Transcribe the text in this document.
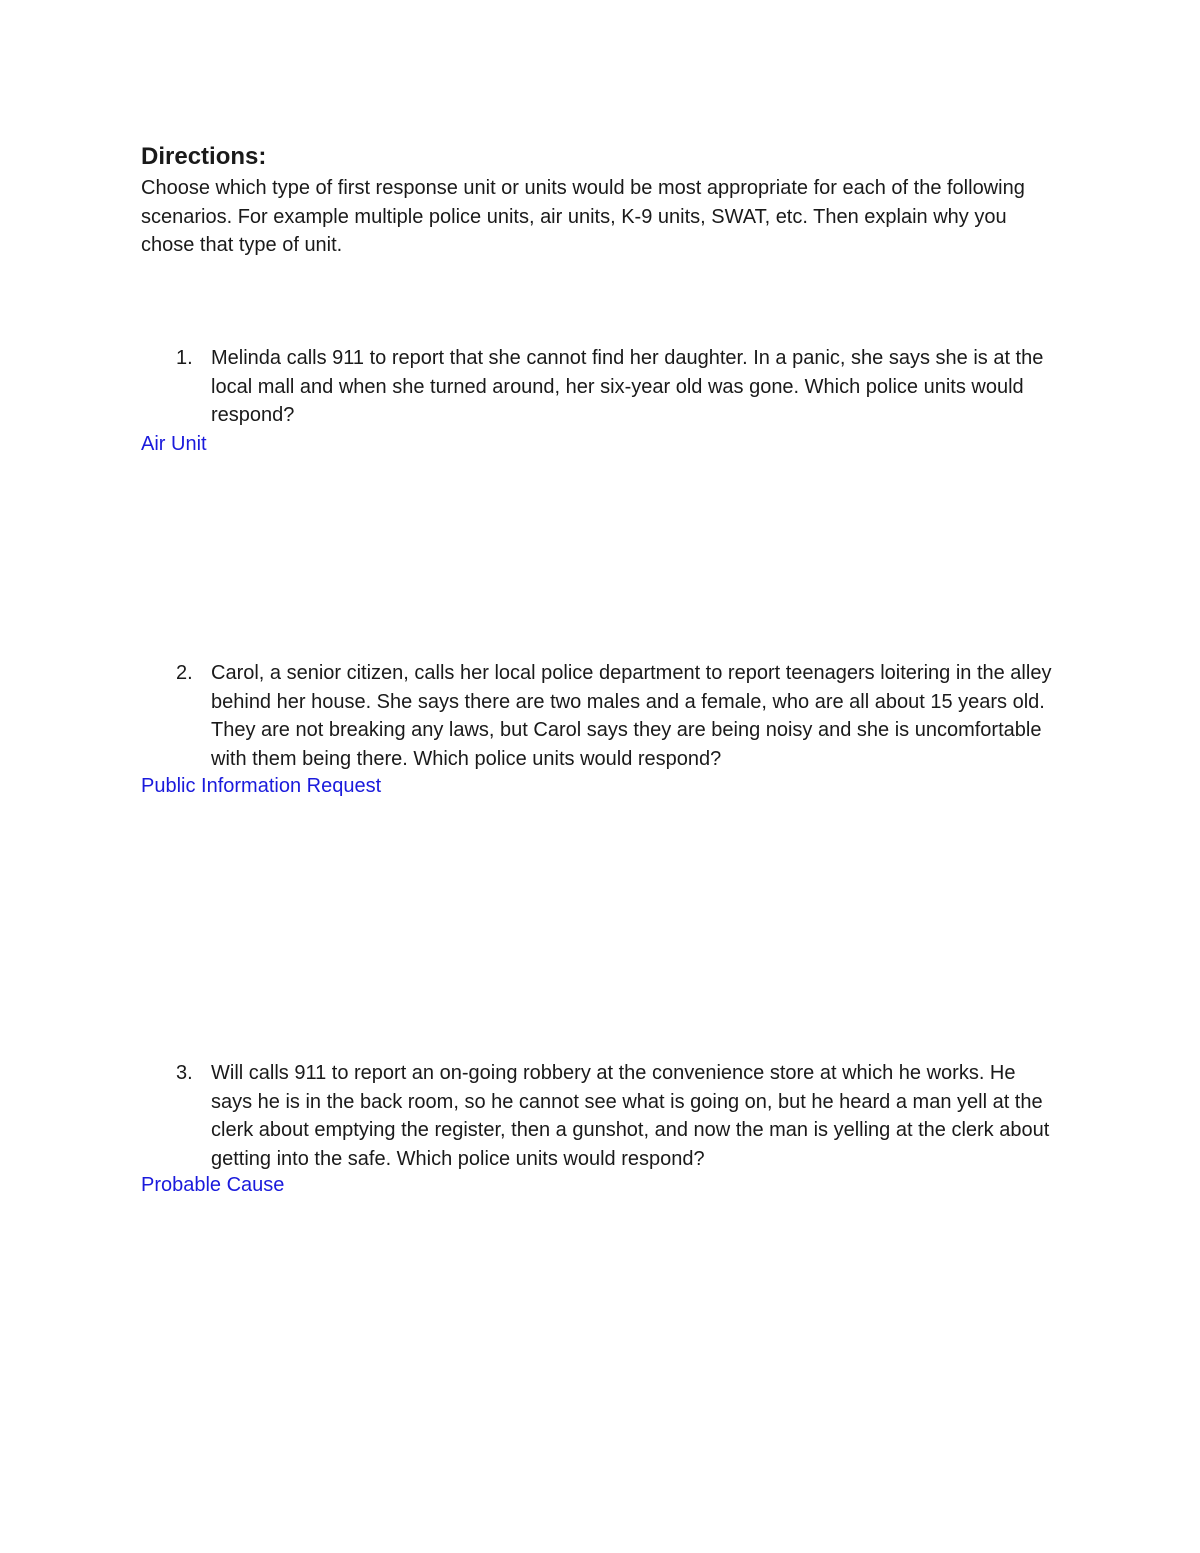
Directions:

Choose which type of first response unit or units would be most appropriate for each of the following scenarios. For example multiple police units, air units, K-9 units, SWAT, etc. Then explain why you chose that type of unit.

1. Melinda calls 911 to report that she cannot find her daughter. In a panic, she says she is at the local mall and when she turned around, her six-year old was gone. Which police units would respond?
Air Unit
2. Carol, a senior citizen, calls her local police department to report teenagers loitering in the alley behind her house. She says there are two males and a female, who are all about 15 years old. They are not breaking any laws, but Carol says they are being noisy and she is uncomfortable with them being there. Which police units would respond?
Public Information Request
3. Will calls 911 to report an on-going robbery at the convenience store at which he works. He says he is in the back room, so he cannot see what is going on, but he heard a man yell at the clerk about emptying the register, then a gunshot, and now the man is yelling at the clerk about getting into the safe. Which police units would respond?
Probable Cause
